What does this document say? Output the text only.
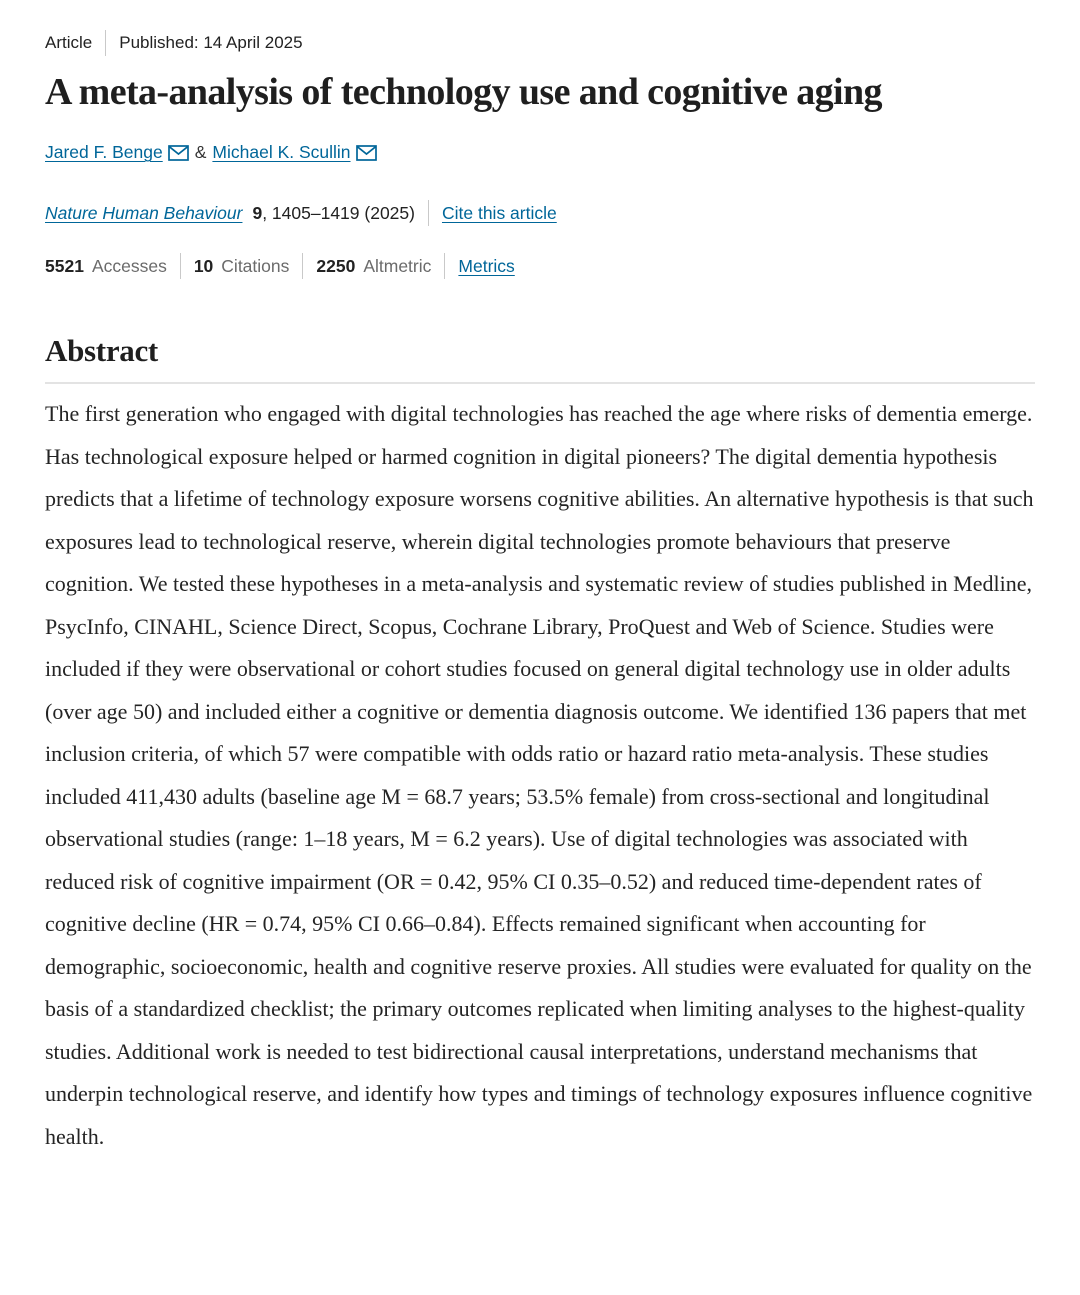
Article Published: 14 April 2025
A meta-analysis of technology use and cognitive aging
Jared F. Benge & Michael K. Scullin
Nature Human Behaviour 9 , 1405–1419 (2025) Cite this article
5521 Accesses 10 Citations 2250 Altmetric Metrics
Abstract

The first generation who engaged with digital technologies has reached the age where risks of dementia emerge. Has technological exposure helped or harmed cognition in digital pioneers? The digital dementia hypothesis predicts that a lifetime of technology exposure worsens cognitive abilities. An alternative hypothesis is that such exposures lead to technological reserve, wherein digital technologies promote behaviours that preserve cognition. We tested these hypotheses in a meta-analysis and systematic review of studies published in Medline, PsycInfo, CINAHL, Science Direct, Scopus, Cochrane Library, ProQuest and Web of Science. Studies were included if they were observational or cohort studies focused on general digital technology use in older adults (over age 50) and included either a cognitive or dementia diagnosis outcome. We identified 136 papers that met inclusion criteria, of which 57 were compatible with odds ratio or hazard ratio meta-analysis. These studies included 411,430 adults (baseline age M = 68.7 years; 53.5% female) from cross-sectional and longitudinal observational studies (range: 1–18 years, M = 6.2 years). Use of digital technologies was associated with reduced risk of cognitive impairment (OR = 0.42, 95% CI 0.35–0.52) and reduced time-dependent rates of cognitive decline (HR = 0.74, 95% CI 0.66–0.84). Effects remained significant when accounting for demographic, socioeconomic, health and cognitive reserve proxies. All studies were evaluated for quality on the basis of a standardized checklist; the primary outcomes replicated when limiting analyses to the highest-quality studies. Additional work is needed to test bidirectional causal interpretations, understand mechanisms that underpin technological reserve, and identify how types and timings of technology exposures influence cognitive health.
